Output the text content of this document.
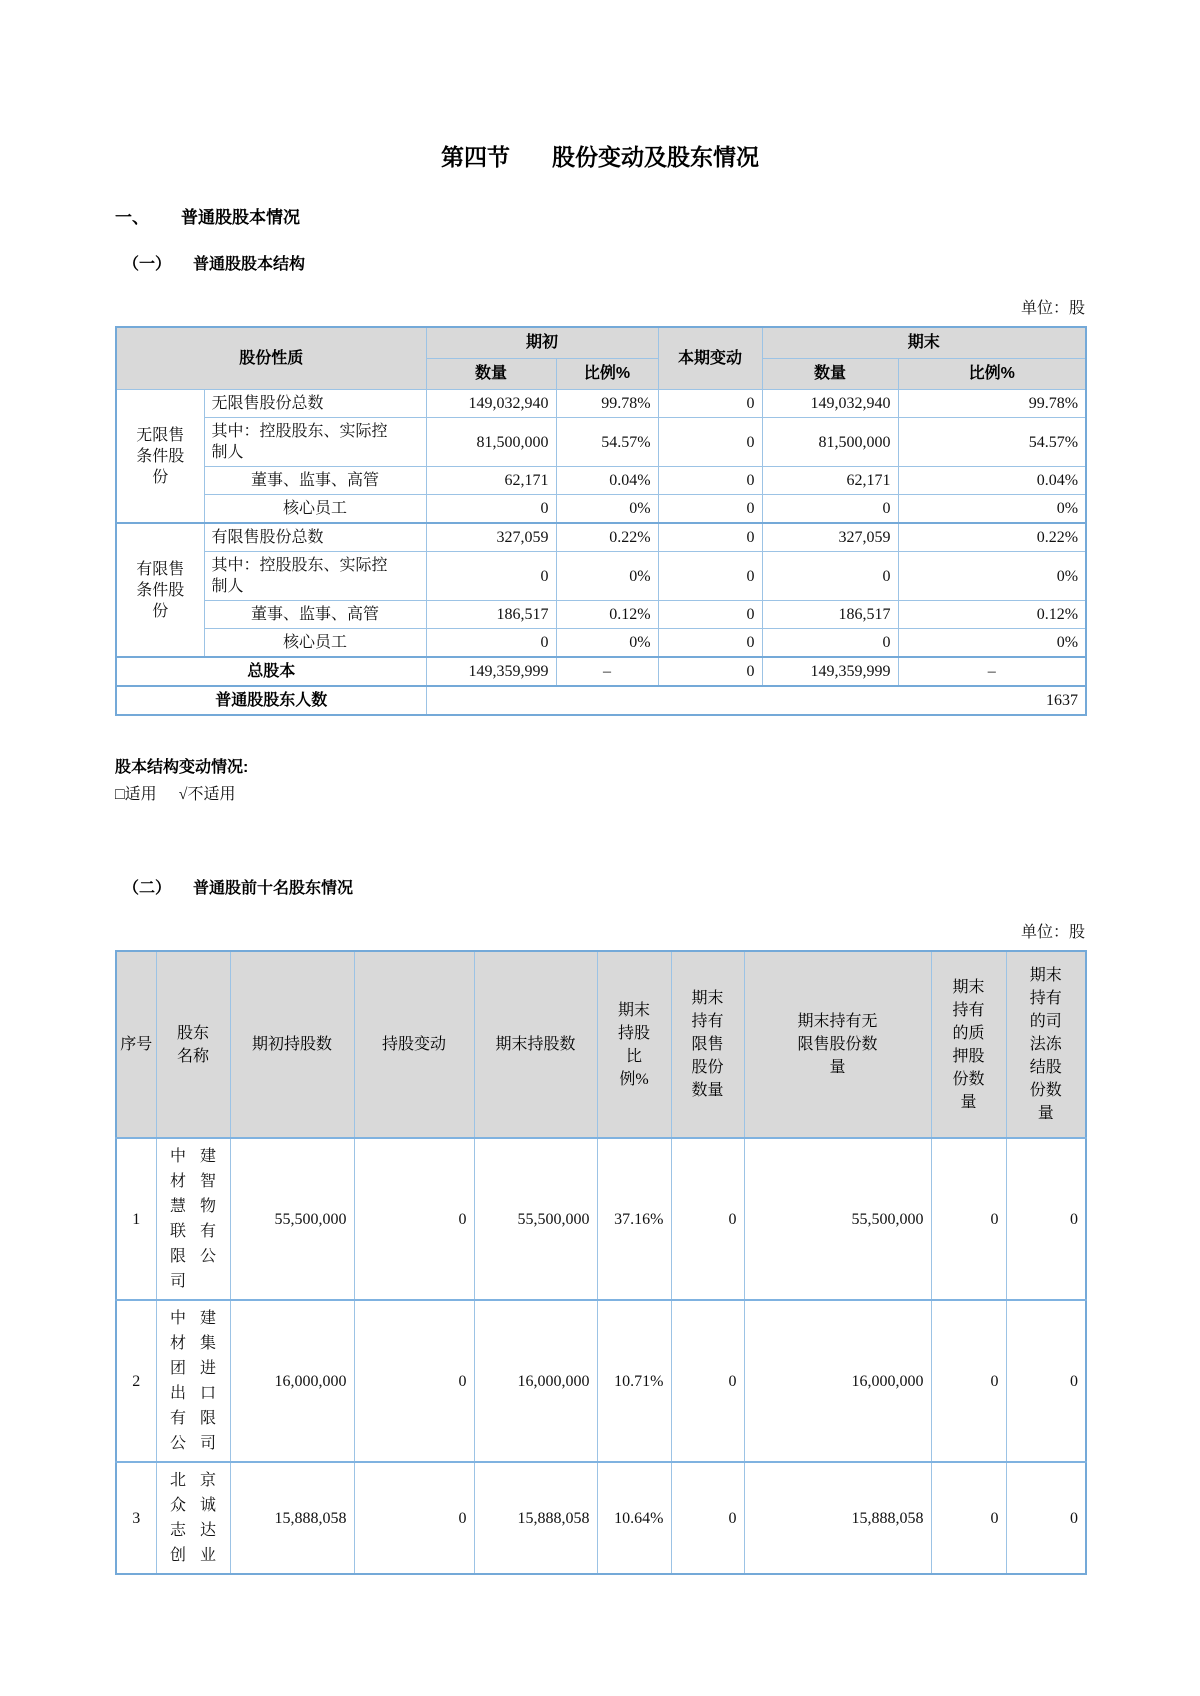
第四节 股份变动及股东情况
一、 普通股股本情况
（一） 普通股股本结构
单位：股
股份性质		期初		本期变动	期末	
		数量	比例%		数量	比例%
无限售条件股份	无限售股份总数	149,032,940	99.78%	0	149,032,940	99.78%
	其中：控股股东、实际控制人	81,500,000	54.57%	0	81,500,000	54.57%
	董事、监事、高管	62,171	0.04%	0	62,171	0.04%
	核心员工	0	0%	0	0	0%
有限售条件股份	有限售股份总数	327,059	0.22%	0	327,059	0.22%
	其中：控股股东、实际控制人	0	0%	0	0	0%
	董事、监事、高管	186,517	0.12%	0	186,517	0.12%
	核心员工	0	0%	0	0	0%
总股本		149,359,999	–	0	149,359,999	–
普通股股东人数		1637				
股本结构变动情况:
□适用 √不适用
（二） 普通股前十名股东情况
单位：股
序号	股东名称	期初持股数	持股变动	期末持股数	期末持股比例%	期末持有限售股份数量	期末持有无限售股份数量	期末持有的质押股份数量	期末持有的司法冻结股份数量
1	中建材智慧物联有限公司	55,500,000	0	55,500,000	37.16%	0	55,500,000	0	0
2	中建材集团进出口有限公司	16,000,000	0	16,000,000	10.71%	0	16,000,000	0	0
3	北京众诚志达创业	15,888,058	0	15,888,058	10.64%	0	15,888,058	0	0
